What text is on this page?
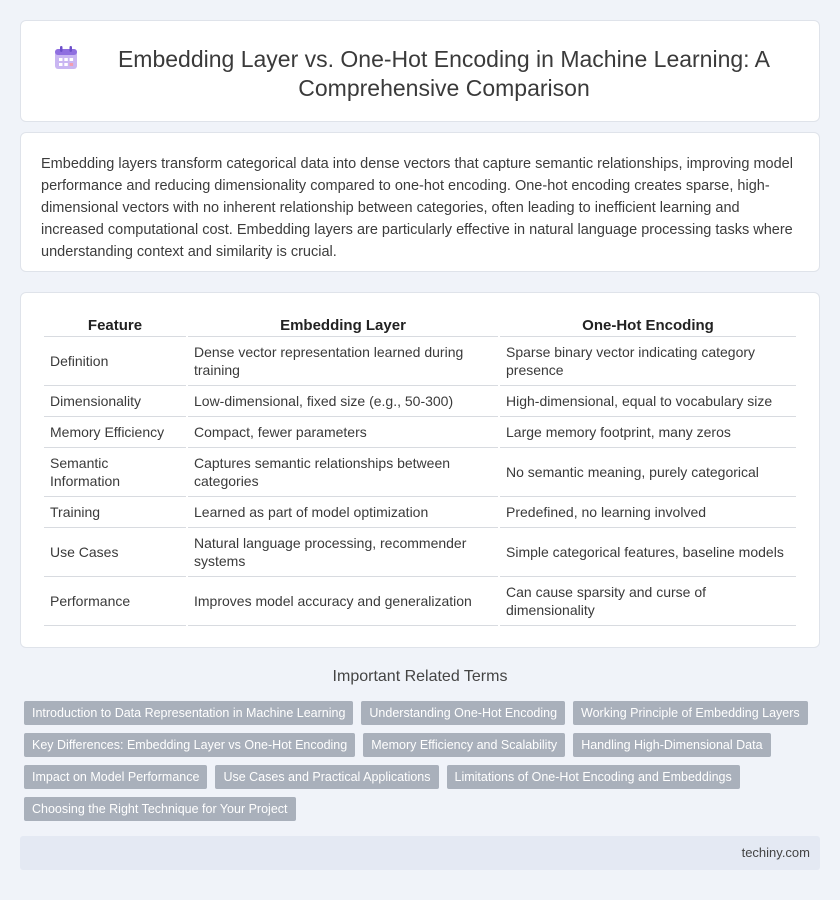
Embedding Layer vs. One-Hot Encoding in Machine Learning: A Comprehensive Comparison

Embedding layers transform categorical data into dense vectors that capture semantic relationships, improving model performance and reducing dimensionality compared to one-hot encoding. One-hot encoding creates sparse, high-dimensional vectors with no inherent relationship between categories, often leading to inefficient learning and increased computational cost. Embedding layers are particularly effective in natural language processing tasks where understanding context and similarity is crucial.

Feature	Embedding Layer	One-Hot Encoding
Definition	Dense vector representation learned during training	Sparse binary vector indicating category presence
Dimensionality	Low-dimensional, fixed size (e.g., 50-300)	High-dimensional, equal to vocabulary size
Memory Efficiency	Compact, fewer parameters	Large memory footprint, many zeros
Semantic Information	Captures semantic relationships between categories	No semantic meaning, purely categorical
Training	Learned as part of model optimization	Predefined, no learning involved
Use Cases	Natural language processing, recommender systems	Simple categorical features, baseline models
Performance	Improves model accuracy and generalization	Can cause sparsity and curse of dimensionality
Important Related Terms
Introduction to Data Representation in Machine Learning	Understanding One-Hot Encoding	Working Principle of Embedding Layers
Key Differences: Embedding Layer vs One-Hot Encoding	Memory Efficiency and Scalability	Handling High-Dimensional Data
Impact on Model Performance	Use Cases and Practical Applications	Limitations of One-Hot Encoding and Embeddings
Choosing the Right Technique for Your Project
techiny.com
